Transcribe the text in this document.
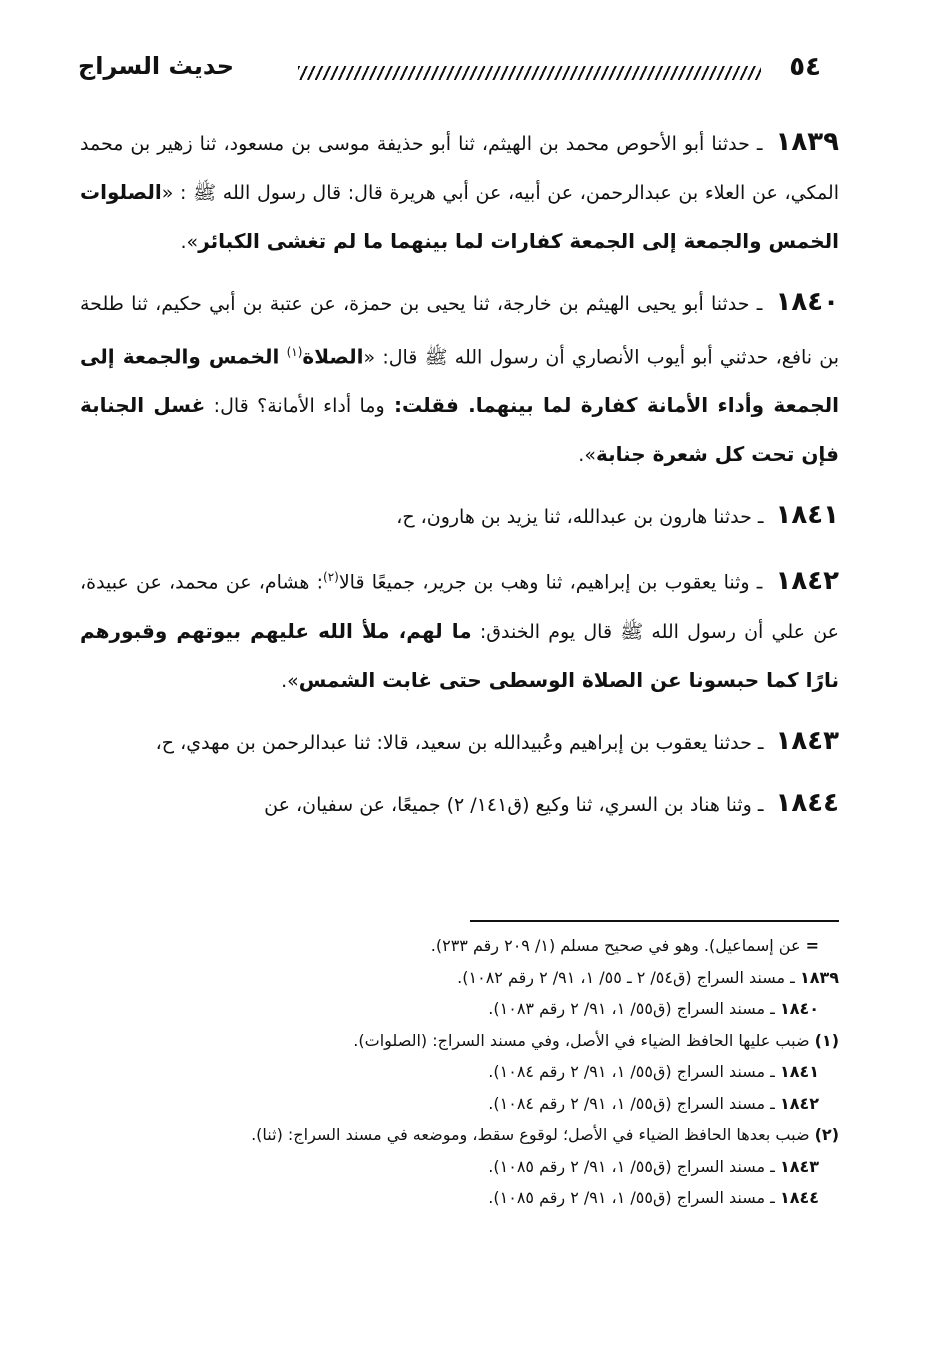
٥٤
حديث السراج

١٨٣٩ ـ حدثنا أبو الأحوص محمد بن الهيثم، ثنا أبو حذيفة موسى بن مسعود، ثنا زهير بن محمد المكي، عن العلاء بن عبدالرحمن، عن أبيه، عن أبي هريرة قال: قال رسول الله ﷺ : «الصلوات الخمس والجمعة إلى الجمعة كفارات لما بينهما ما لم تغشى الكبائر».

١٨٤٠ ـ حدثنا أبو يحيى الهيثم بن خارجة، ثنا يحيى بن حمزة، عن عتبة بن أبي حكيم، ثنا طلحة بن نافع، حدثني أبو أيوب الأنصاري أن رسول الله ﷺ قال: «الصلاة$^{(١)}$ الخمس والجمعة إلى الجمعة وأداء الأمانة كفارة لما بينهما. فقلت: وما أداء الأمانة؟ قال: غسل الجنابة فإن تحت كل شعرة جنابة».

١٨٤١ ـ حدثنا هارون بن عبدالله، ثنا يزيد بن هارون، ح،

١٨٤٢ ـ وثنا يعقوب بن إبراهيم، ثنا وهب بن جرير، جميعًا قالا$^{(٢)}$: هشام، عن محمد، عن عبيدة، عن علي أن رسول الله ﷺ قال يوم الخندق: ما لهم، ملأ الله عليهم بيوتهم وقبورهم نارًا كما حبسونا عن الصلاة الوسطى حتى غابت الشمس».

١٨٤٣ ـ حدثنا يعقوب بن إبراهيم وعُبيدالله بن سعيد، قالا: ثنا عبدالرحمن بن مهدي، ح،

١٨٤٤ ـ وثنا هناد بن السري، ثنا وكيع (ق١٤١/ ٢) جميعًا، عن سفيان، عن

= عن إسماعيل). وهو في صحيح مسلم (١/ ٢٠٩ رقم ٢٣٣).

١٨٣٩ ـ مسند السراج (ق٥٤/ ٢ ـ ٥٥/ ١، ٩١/ ٢ رقم ١٠٨٢).

١٨٤٠ ـ مسند السراج (ق٥٥/ ١، ٩١/ ٢ رقم ١٠٨٣).

(١) ضبب عليها الحافظ الضياء في الأصل، وفي مسند السراج: (الصلوات).

١٨٤١ ـ مسند السراج (ق٥٥/ ١، ٩١/ ٢ رقم ١٠٨٤).

١٨٤٢ ـ مسند السراج (ق٥٥/ ١، ٩١/ ٢ رقم ١٠٨٤).

(٢) ضبب بعدها الحافظ الضياء في الأصل؛ لوقوع سقط، وموضعه في مسند السراج: (ثنا).

١٨٤٣ ـ مسند السراج (ق٥٥/ ١، ٩١/ ٢ رقم ١٠٨٥).

١٨٤٤ ـ مسند السراج (ق٥٥/ ١، ٩١/ ٢ رقم ١٠٨٥).
